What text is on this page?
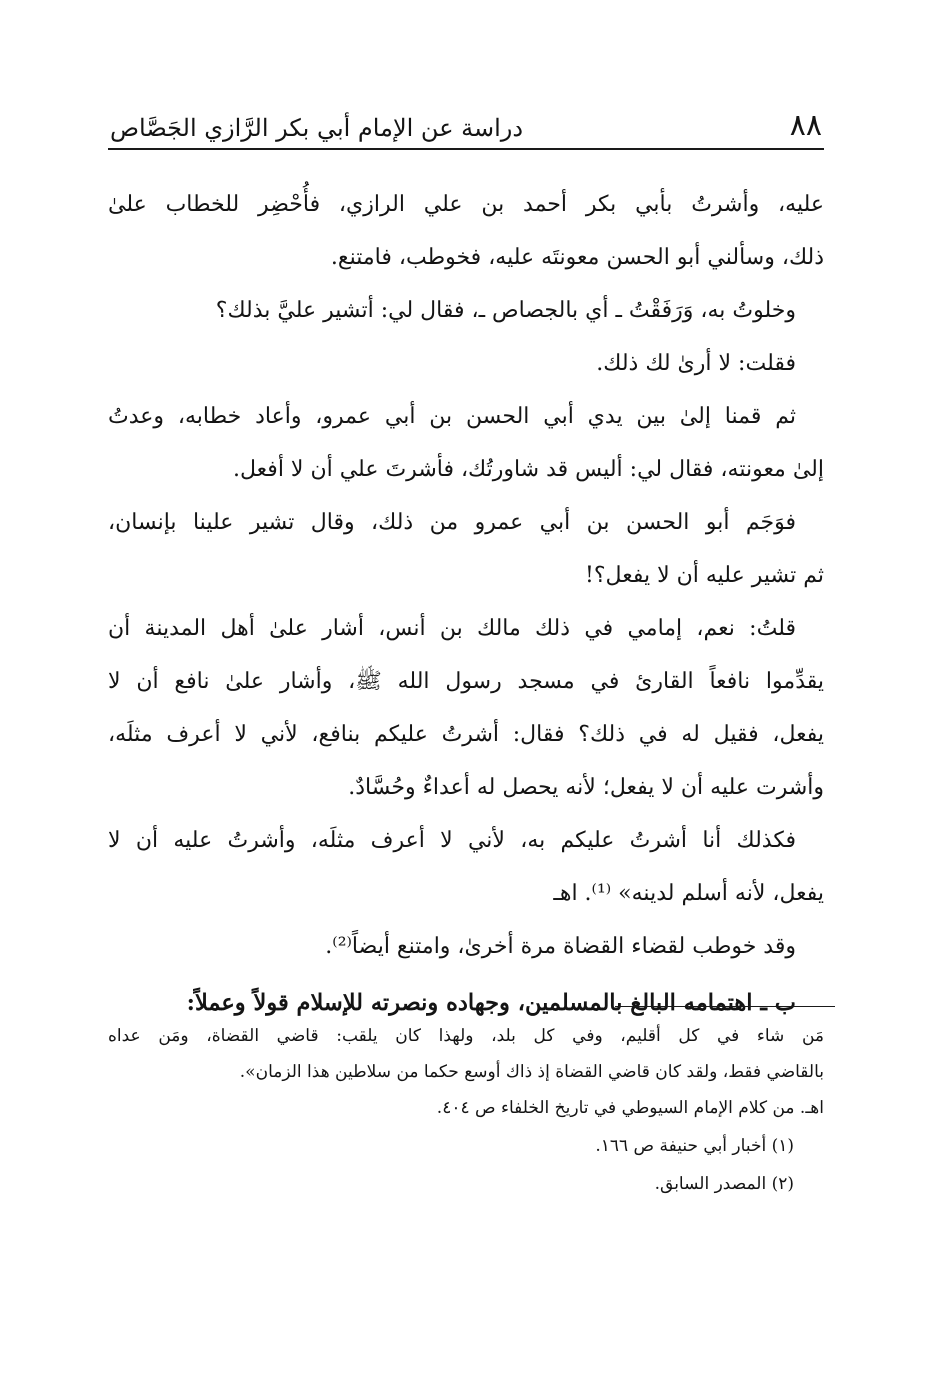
٨٨
دراسة عن الإمام أبي بكر الرَّازي الجَصَّاص

عليه، وأشرتُ بأبي بكر أحمد بن علي الرازي، فأُحْضِر للخطاب علىٰ

ذلك، وسألني أبو الحسن معونتَه عليه، فخوطب، فامتنع.

وخلوتُ به، وَرَفَقْتُ ـ أي بالجصاص ـ، فقال لي: أتشير عليَّ بذلك؟

فقلت: لا أرىٰ لك ذلك.

ثم قمنا إلىٰ بين يدي أبي الحسن بن أبي عمرو، وأعاد خطابه، وعدتُ

إلىٰ معونته، فقال لي: أليس قد شاورتُك، فأشرتَ علي أن لا أفعل.

فوَجَم أبو الحسن بن أبي عمرو من ذلك، وقال تشير علينا بإنسان،

ثم تشير عليه أن لا يفعل؟!

قلتُ: نعم، إمامي في ذلك مالك بن أنس، أشار علىٰ أهل المدينة أن

يقدِّموا نافعاً القارئ في مسجد رسول الله ﷺ، وأشار علىٰ نافع أن لا

يفعل، فقيل له في ذلك؟ فقال: أشرتُ عليكم بنافع، لأني لا أعرف مثلَه،

وأشرت عليه أن لا يفعل؛ لأنه يحصل له أعداءٌ وحُسَّادٌ.

فكذلك أنا أشرتُ عليكم به، لأني لا أعرف مثلَه، وأشرتُ عليه أن لا

يفعل، لأنه أسلم لدينه» ⁽¹⁾. اهـ

وقد خوطب لقضاء القضاة مرة أخرىٰ، وامتنع أيضاً⁽²⁾.

ب ـ اهتمامه البالغ بالمسلمين، وجهاده ونصرته للإسلام قولاً وعملاً:

مَن شاء في كل أقليم، وفي كل بلد، ولهذا كان يلقب: قاضي القضاة، ومَن عداه

بالقاضي فقط، ولقد كان قاضي القضاة إذ ذاك أوسع حكما من سلاطين هذا الزمان».

اهـ. من كلام الإمام السيوطي في تاريخ الخلفاء ص ٤٠٤.

(١) أخبار أبي حنيفة ص ١٦٦.

(٢) المصدر السابق.
